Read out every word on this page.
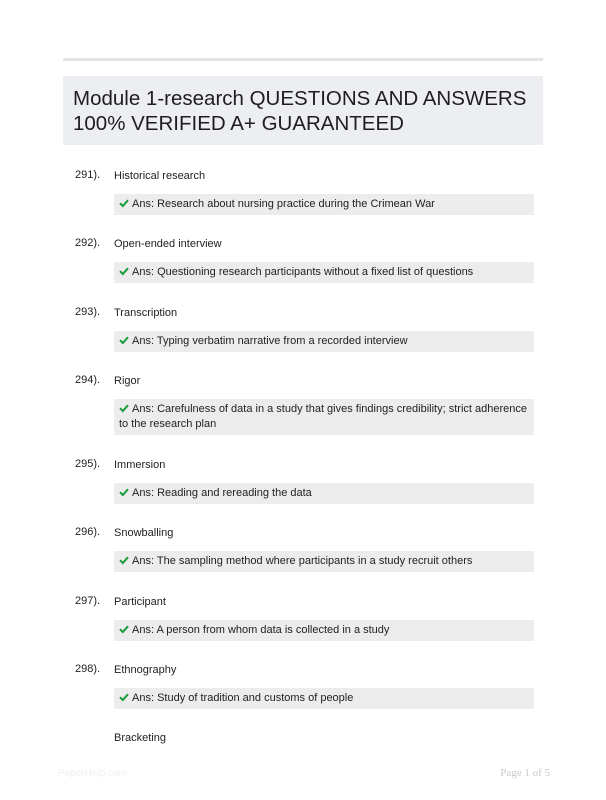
Module 1-research QUESTIONS AND ANSWERS 100% VERIFIED A+ GUARANTEED
291). Historical research
Ans: Research about nursing practice during the Crimean War
292). Open-ended interview
Ans: Questioning research participants without a fixed list of questions
293). Transcription
Ans: Typing verbatim narrative from a recorded interview
294). Rigor
Ans: Carefulness of data in a study that gives findings credibility; strict adherence to the research plan
295). Immersion
Ans: Reading and rereading the data
296). Snowballing
Ans: The sampling method where participants in a study recruit others
297). Participant
Ans: A person from whom data is collected in a study
298). Ethnography
Ans: Study of tradition and customs of people
Bracketing
PaperHelp.com	Page 1 of 5
